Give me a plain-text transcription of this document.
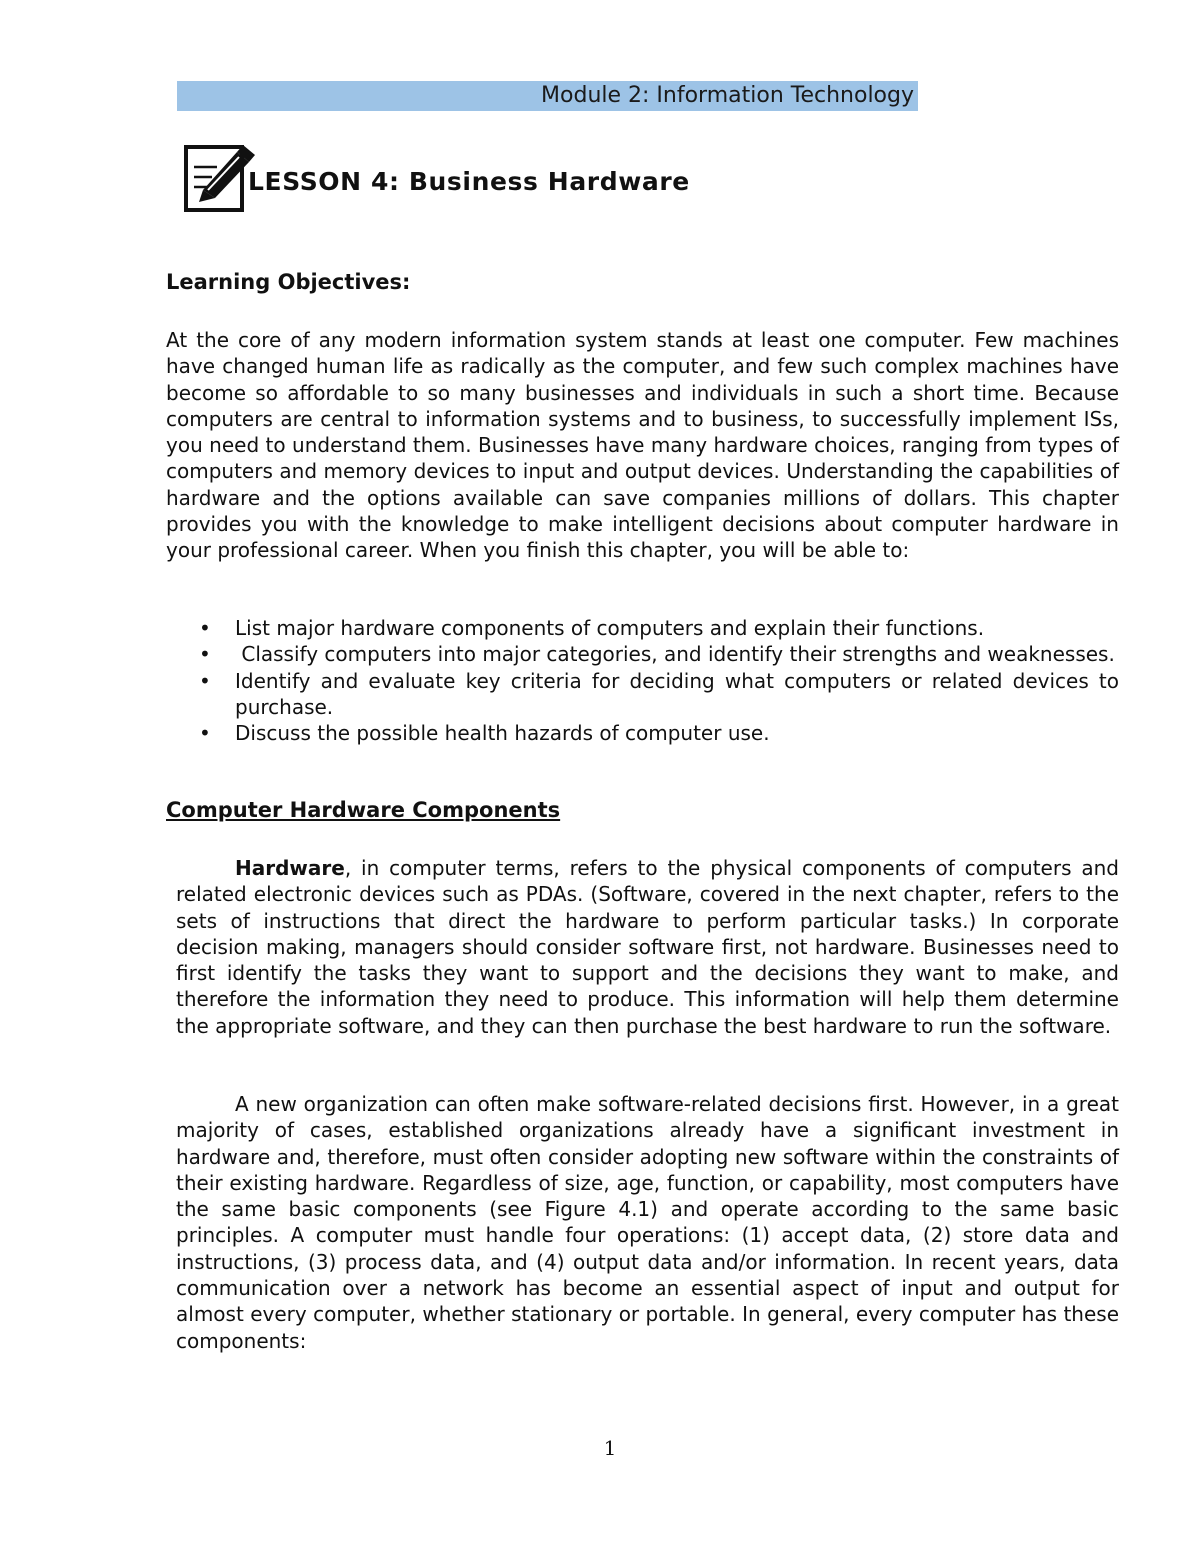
Module 2: Information Technology
LESSON 4: Business Hardware
Learning Objectives:

At the core of any modern information system stands at least one computer. Few machines have changed human life as radically as the computer, and few such complex machines have become so affordable to so many businesses and individuals in such a short time. Because computers are central to information systems and to business, to successfully implement ISs, you need to understand them. Businesses have many hardware choices, ranging from types of computers and memory devices to input and output devices. Understanding the capabilities of hardware and the options available can save companies millions of dollars. This chapter provides you with the knowledge to make intelligent decisions about computer hardware in your professional career. When you finish this chapter, you will be able to:

• List major hardware components of computers and explain their functions.
• Classify computers into major categories, and identify their strengths and weaknesses.
• Identify and evaluate key criteria for deciding what computers or related devices to purchase.
• Discuss the possible health hazards of computer use.
Computer Hardware Components

Hardware, in computer terms, refers to the physical components of computers and related electronic devices such as PDAs. (Software, covered in the next chapter, refers to the sets of instructions that direct the hardware to perform particular tasks.) In corporate decision making, managers should consider software first, not hardware. Businesses need to first identify the tasks they want to support and the decisions they want to make, and therefore the information they need to produce. This information will help them determine the appropriate software, and they can then purchase the best hardware to run the software.

A new organization can often make software-related decisions first. However, in a great majority of cases, established organizations already have a significant investment in hardware and, therefore, must often consider adopting new software within the constraints of their existing hardware. Regardless of size, age, function, or capability, most computers have the same basic components (see Figure 4.1) and operate according to the same basic principles. A computer must handle four operations: (1) accept data, (2) store data and instructions, (3) process data, and (4) output data and/or information. In recent years, data communication over a network has become an essential aspect of input and output for almost every computer, whether stationary or portable. In general, every computer has these components:

1
